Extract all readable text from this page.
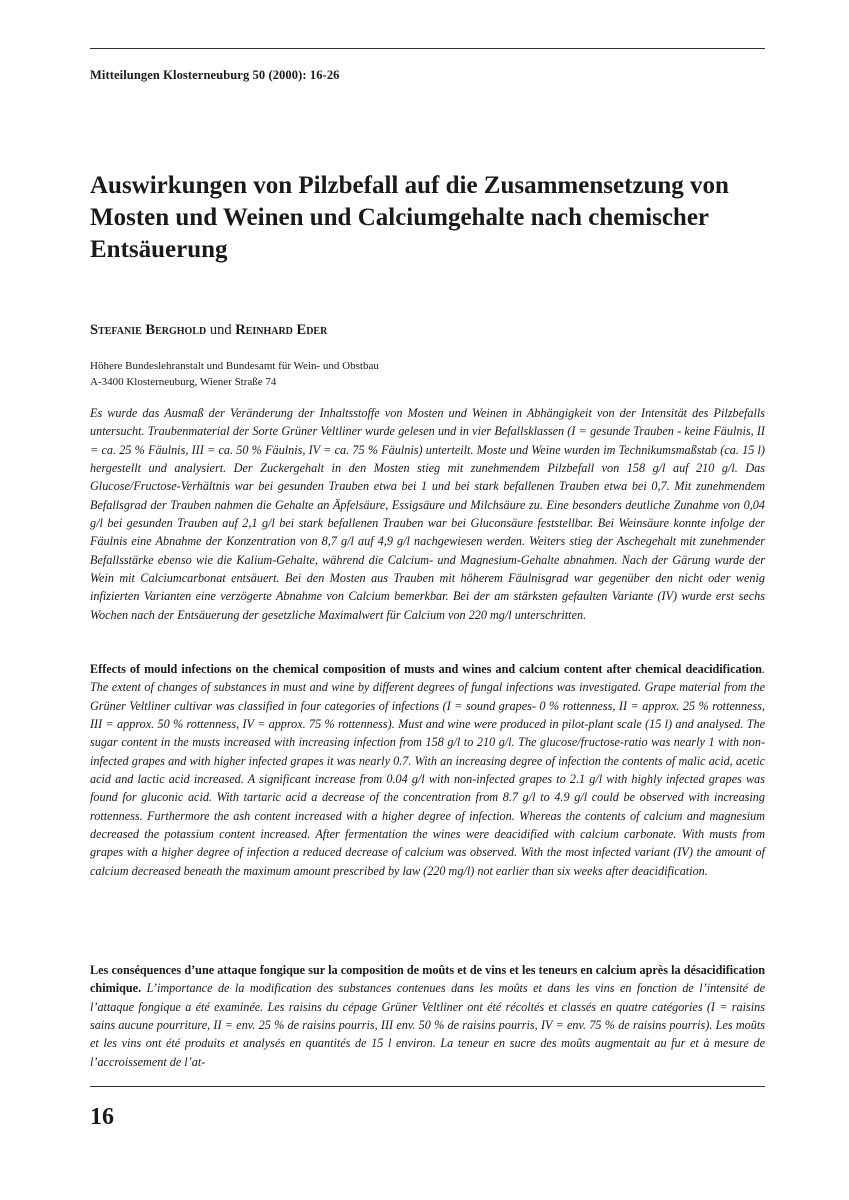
Mitteilungen Klosterneuburg 50 (2000): 16-26
Auswirkungen von Pilzbefall auf die Zusammensetzung von Mosten und Weinen und Calciumgehalte nach chemischer Entsäuerung
Stefanie Berghold und Reinhard Eder
Höhere Bundeslehranstalt und Bundesamt für Wein- und Obstbau
A-3400 Klosterneuburg, Wiener Straße 74

Es wurde das Ausmaß der Veränderung der Inhaltsstoffe von Mosten und Weinen in Abhängigkeit von der Intensität des Pilzbefalls untersucht. Traubenmaterial der Sorte Grüner Veltliner wurde gelesen und in vier Befallsklassen (I = gesunde Trauben - keine Fäulnis, II = ca. 25 % Fäulnis, III = ca. 50 % Fäulnis, IV = ca. 75 % Fäulnis) unterteilt. Moste und Weine wurden im Technikumsmaßstab (ca. 15 l) hergestellt und analysiert. Der Zuckergehalt in den Mosten stieg mit zunehmendem Pilzbefall von 158 g/l auf 210 g/l. Das Glucose/Fructose-Verhältnis war bei gesunden Trauben etwa bei 1 und bei stark befallenen Trauben etwa bei 0,7. Mit zunehmendem Befallsgrad der Trauben nahmen die Gehalte an Äpfelsäure, Essigsäure und Milchsäure zu. Eine besonders deutliche Zunahme von 0,04 g/l bei gesunden Trauben auf 2,1 g/l bei stark befallenen Trauben war bei Gluconsäure feststellbar. Bei Weinsäure konnte infolge der Fäulnis eine Abnahme der Konzentration von 8,7 g/l auf 4,9 g/l nachgewiesen werden. Weiters stieg der Aschegehalt mit zunehmender Befallsstärke ebenso wie die Kalium-Gehalte, während die Calcium- und Magnesium-Gehalte abnahmen. Nach der Gärung wurde der Wein mit Calciumcarbonat entsäuert. Bei den Mosten aus Trauben mit höherem Fäulnisgrad war gegenüber den nicht oder wenig infizierten Varianten eine verzögerte Abnahme von Calcium bemerkbar. Bei der am stärksten gefaulten Variante (IV) wurde erst sechs Wochen nach der Entsäuerung der gesetzliche Maximalwert für Calcium von 220 mg/l unterschritten.

Effects of mould infections on the chemical composition of musts and wines and calcium content after chemical deacidification. The extent of changes of substances in must and wine by different degrees of fungal infections was investigated. Grape material from the Grüner Veltliner cultivar was classified in four categories of infections (I = sound grapes- 0 % rottenness, II = approx. 25 % rottenness, III = approx. 50 % rottenness, IV = approx. 75 % rottenness). Must and wine were produced in pilot-plant scale (15 l) and analysed. The sugar content in the musts increased with increasing infection from 158 g/l to 210 g/l. The glucose/fructose-ratio was nearly 1 with non-infected grapes and with higher infected grapes it was nearly 0.7. With an increasing degree of infection the contents of malic acid, acetic acid and lactic acid increased. A significant increase from 0.04 g/l with non-infected grapes to 2.1 g/l with highly infected grapes was found for gluconic acid. With tartaric acid a decrease of the concentration from 8.7 g/l to 4.9 g/l could be observed with increasing rottenness. Furthermore the ash content increased with a higher degree of infection. Whereas the contents of calcium and magnesium decreased the potassium content increased. After fermentation the wines were deacidified with calcium carbonate. With musts from grapes with a higher degree of infection a reduced decrease of calcium was observed. With the most infected variant (IV) the amount of calcium decreased beneath the maximum amount prescribed by law (220 mg/l) not earlier than six weeks after deacidification.

Les conséquences d’une attaque fongique sur la composition de moûts et de vins et les teneurs en calcium après la désacidification chimique. L’importance de la modification des substances contenues dans les moûts et dans les vins en fonction de l’intensité de l’attaque fongique a été examinée. Les raisins du cépage Grüner Veltliner ont été récoltés et classés en quatre catégories (I = raisins sains aucune pourriture, II = env. 25 % de raisins pourris, III env. 50 % de raisins pourris, IV = env. 75 % de raisins pourris). Les moûts et les vins ont été produits et analysés en quantités de 15 l environ. La teneur en sucre des moûts augmentait au fur et à mesure de l’accroissement de l’at-

16
